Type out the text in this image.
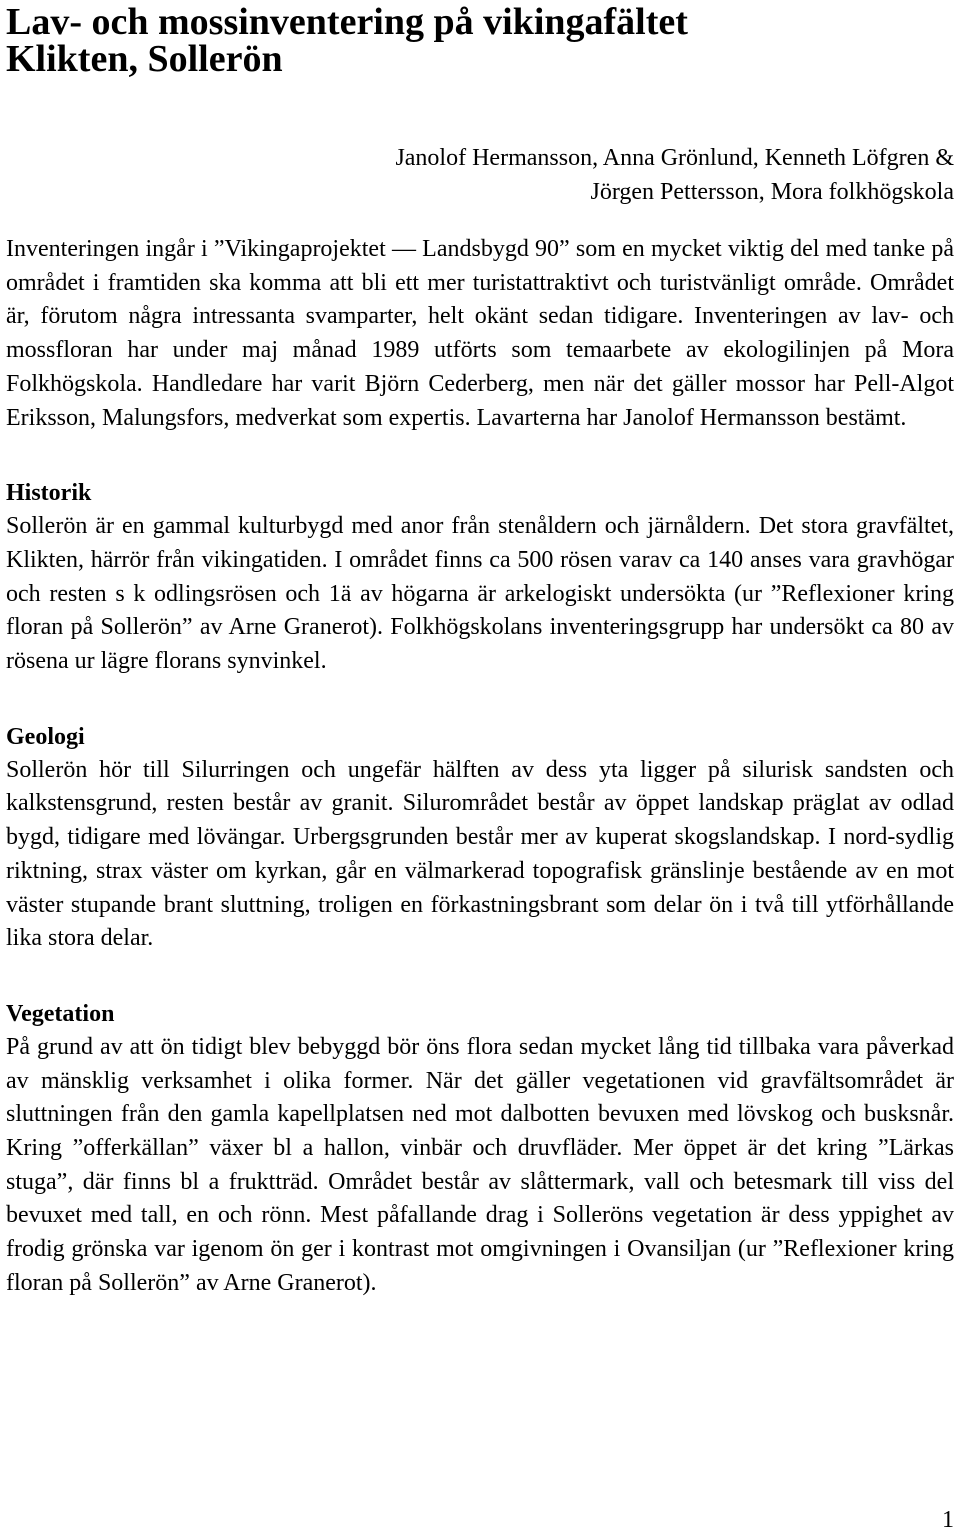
Lav- och mossinventering på vikingafältet
Klikten, Sollerön
Janolof Hermansson, Anna Grönlund, Kenneth Löfgren &
Jörgen Pettersson, Mora folkhögskola

Inventeringen ingår i ”Vikingaprojektet — Landsbygd 90” som en mycket viktig del med tanke på området i framtiden ska komma att bli ett mer turistattraktivt och turistvänligt område. Området är, förutom några intressanta svamparter, helt okänt sedan tidigare. Inventeringen av lav- och mossfloran har under maj månad 1989 utförts som temaarbete av ekologilinjen på Mora Folkhögskola. Handledare har varit Björn Cederberg, men när det gäller mossor har Pell-Algot Eriksson, Malungsfors, medverkat som expertis. Lavarterna har Janolof Hermansson bestämt.

Historik

Sollerön är en gammal kulturbygd med anor från stenåldern och järnåldern. Det stora gravfältet, Klikten, härrör från vikingatiden. I området finns ca 500 rösen varav ca 140 anses vara gravhögar och resten s k odlingsrösen och 1ä av högarna är arkelogiskt undersökta (ur ”Reflexioner kring floran på Sollerön” av Arne Granerot). Folkhögskolans inventeringsgrupp har undersökt ca 80 av rösena ur lägre florans synvinkel.

Geologi

Sollerön hör till Silurringen och ungefär hälften av dess yta ligger på silurisk sandsten och kalkstensgrund, resten består av granit. Silurområdet består av öppet landskap präglat av odlad bygd, tidigare med lövängar. Urbergsgrunden består mer av kuperat skogslandskap. I nord-sydlig riktning, strax väster om kyrkan, går en välmarkerad topografisk gränslinje bestående av en mot väster stupande brant sluttning, troligen en förkastningsbrant som delar ön i två till ytförhållande lika stora delar.

Vegetation

På grund av att ön tidigt blev bebyggd bör öns flora sedan mycket lång tid tillbaka vara påverkad av mänsklig verksamhet i olika former. När det gäller vegetationen vid gravfältsområdet är sluttningen från den gamla kapellplatsen ned mot dalbotten bevuxen med lövskog och busksnår. Kring ”offerkällan” växer bl a hallon, vinbär och druvfläder. Mer öppet är det kring ”Lärkas stuga”, där finns bl a fruktträd. Området består av slåttermark, vall och betesmark till viss del bevuxet med tall, en och rönn. Mest påfallande drag i Solleröns vegetation är dess yppighet av frodig grönska var igenom ön ger i kontrast mot omgivningen i Ovansiljan (ur ”Reflexioner kring floran på Sollerön” av Arne Granerot).

1
